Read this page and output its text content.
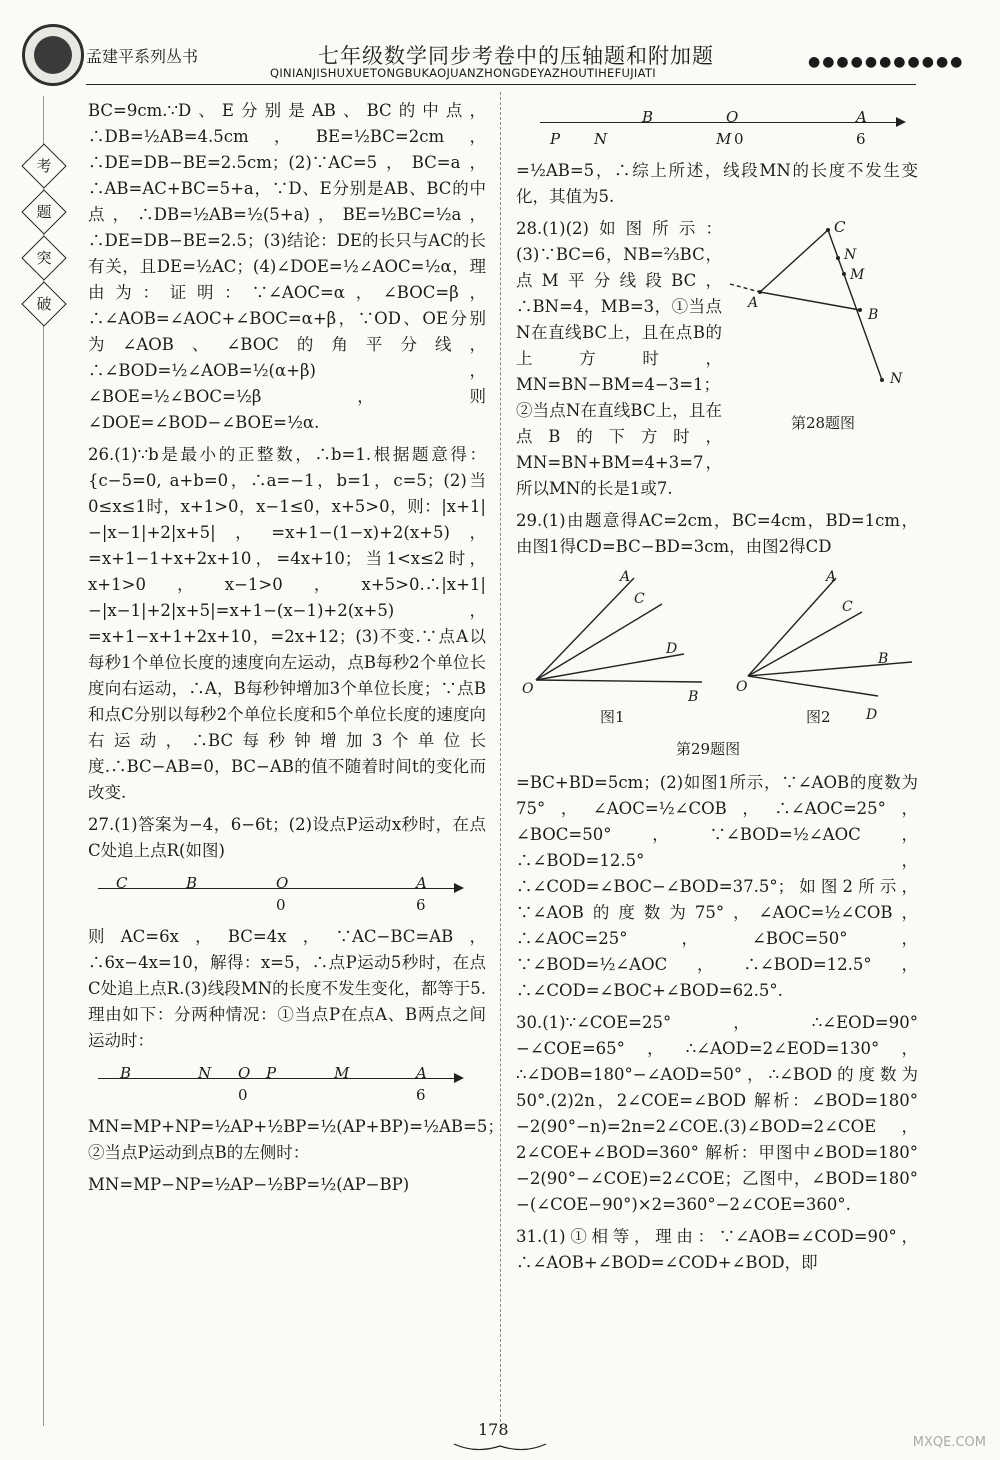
孟建平系列丛书	七年级数学同步考卷中的压轴题和附加题
QINIANJISHUXUETONGBUKAOJUANZHONGDEYAZHOUTIHEFUJIATI
●●●●●●●●●●●
考
题
突
破

BC=9cm.∵D、E分别是AB、BC的中点，∴DB=½AB=4.5cm，BE=½BC=2cm，∴DE=DB−BE=2.5cm；(2)∵AC=5，BC=a，∴AB=AC+BC=5+a，∵D、E分别是AB、BC的中点，∴DB=½AB=½(5+a)，BE=½BC=½a，∴DE=DB−BE=2.5；(3)结论：DE的长只与AC的长有关，且DE=½AC；(4)∠DOE=½∠AOC=½α，理由为：证明：∵∠AOC=α，∠BOC=β，∴∠AOB=∠AOC+∠BOC=α+β，∵OD、OE分别为∠AOB、∠BOC的角平分线，∴∠BOD=½∠AOB=½(α+β)，∠BOE=½∠BOC=½β，则∠DOE=∠BOD−∠BOE=½α.

26.(1)∵b是最小的正整数，∴b=1.根据题意得：{c−5=0, a+b=0，∴a=−1，b=1，c=5；(2)当0≤x≤1时，x+1>0，x−1≤0，x+5>0，则：|x+1|−|x−1|+2|x+5|，=x+1−(1−x)+2(x+5)，=x+1−1+x+2x+10，=4x+10；当1<x≤2时，x+1>0，x−1>0，x+5>0.∴|x+1|−|x−1|+2|x+5|=x+1−(x−1)+2(x+5)，=x+1−x+1+2x+10，=2x+12；(3)不变.∵点A以每秒1个单位长度的速度向左运动，点B每秒2个单位长度向右运动，∴A，B每秒钟增加3个单位长度；∵点B和点C分别以每秒2个单位长度和5个单位长度的速度向右运动，∴BC每秒钟增加3个单位长度.∴BC−AB=0，BC−AB的值不随着时间t的变化而改变.

27.(1)答案为−4，6−6t；(2)设点P运动x秒时，在点C处追上点R(如图)

C	B	O	A
0	6

则AC=6x，BC=4x，∵AC−BC=AB，∴6x−4x=10，解得：x=5，∴点P运动5秒时，在点C处追上点R.(3)线段MN的长度不发生变化，都等于5.理由如下：分两种情况：①当点P在点A、B两点之间运动时：

B	N O P	M	A
0	6

MN=MP+NP=½AP+½BP=½(AP+BP)=½AB=5；②当点P运动到点B的左侧时：

MN=MP−NP=½AP−½BP=½(AP−BP)

P N
B	O
M
A
0	6

=½AB=5，∴综上所述，线段MN的长度不发生变化，其值为5.

28.(1)(2)如图所示：(3)∵BC=6，NB=⅔BC，点M平分线段BC，∴BN=4，MB=3，①当点N在直线BC上，且在点B的上方时，MN=BN−BM=4−3=1；②当点N在直线BC上，且在点B的下方时，MN=BN+BM=4+3=7，所以MN的长是1或7.

C
N
M
A
B
N
第28题图

29.(1)由题意得AC=2cm，BC=4cm，BD=1cm，由图1得CD=BC−BD=3cm，由图2得CD

A
C
D
O	B
A
C
B
O
D
图1	图2
第29题图

=BC+BD=5cm；(2)如图1所示，∵∠AOB的度数为75°，∠AOC=½∠COB，∴∠AOC=25°，∠BOC=50°，∵∠BOD=½∠AOC，∴∠BOD=12.5°，∴∠COD=∠BOC−∠BOD=37.5°；如图2所示，∵∠AOB的度数为75°，∠AOC=½∠COB，∴∠AOC=25°，∠BOC=50°，∵∠BOD=½∠AOC，∴∠BOD=12.5°，∴∠COD=∠BOC+∠BOD=62.5°.

30.(1)∵∠COE=25°，∴∠EOD=90°−∠COE=65°，∴∠AOD=2∠EOD=130°，∴∠DOB=180°−∠AOD=50°，∴∠BOD的度数为50°.(2)2n，2∠COE=∠BOD 解析：∠BOD=180°−2(90°−n)=2n=2∠COE.(3)∠BOD=2∠COE，2∠COE+∠BOD=360° 解析：甲图中∠BOD=180°−2(90°−∠COE)=2∠COE；乙图中，∠BOD=180°−(∠COE−90°)×2=360°−2∠COE=360°.

31.(1)①相等，理由：∵∠AOB=∠COD=90°，∴∠AOB+∠BOD=∠COD+∠BOD，即

178
MXQE.COM
